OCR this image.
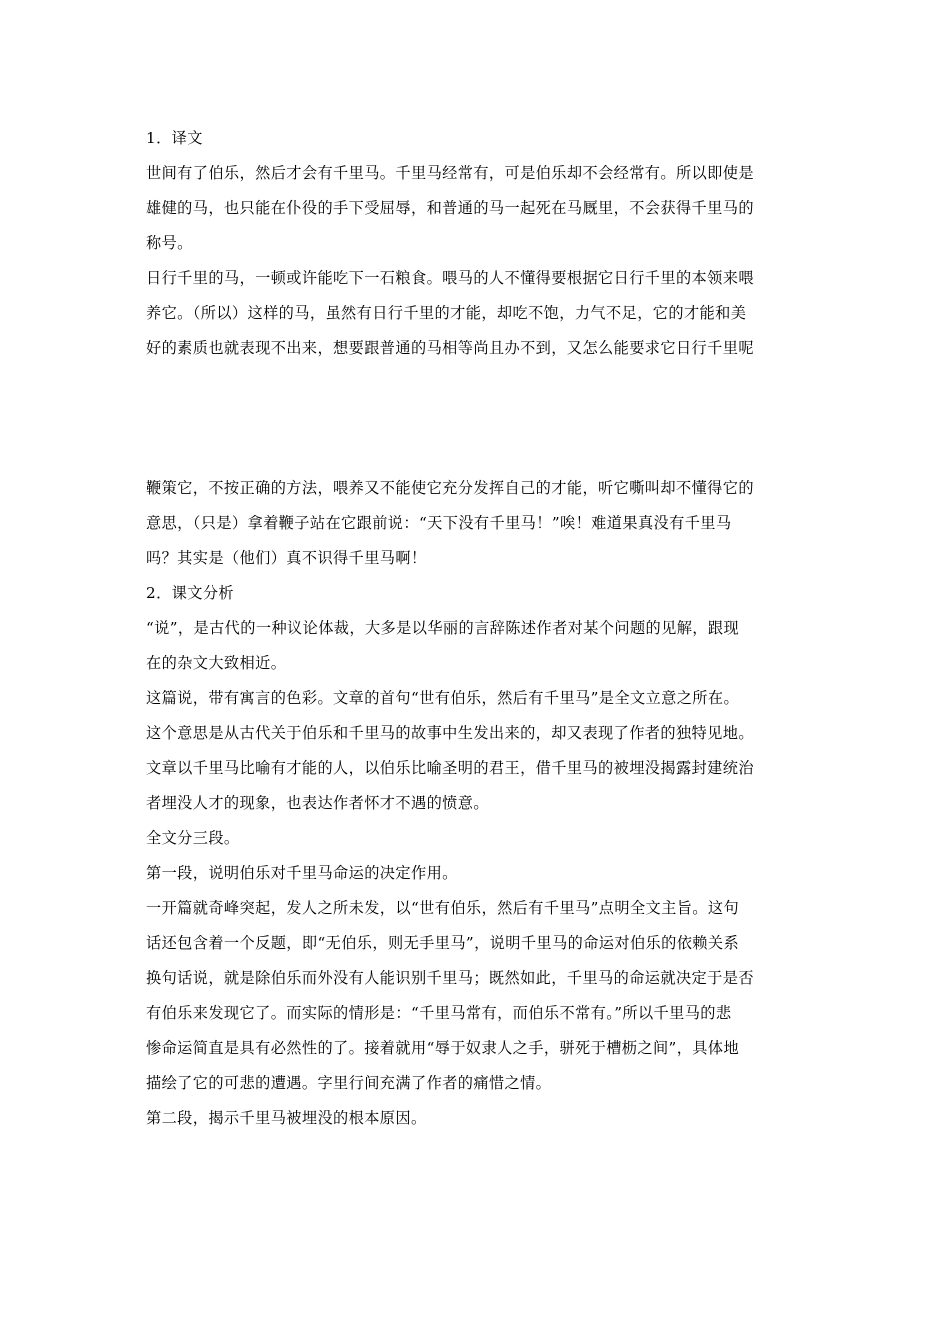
1．译文
世间有了伯乐，然后才会有千里马。千里马经常有，可是伯乐却不会经常有。所以即使是
雄健的马，也只能在仆役的手下受屈辱，和普通的马一起死在马厩里，不会获得千里马的
称号。
日行千里的马，一顿或许能吃下一石粮食。喂马的人不懂得要根据它日行千里的本领来喂
养它。（所以）这样的马，虽然有日行千里的才能，却吃不饱，力气不足，它的才能和美
好的素质也就表现不出来，想要跟普通的马相等尚且办不到，又怎么能要求它日行千里呢
鞭策它，不按正确的方法，喂养又不能使它充分发挥自己的才能，听它嘶叫却不懂得它的
意思，（只是）拿着鞭子站在它跟前说：“天下没有千里马！”唉！难道果真没有千里马
吗？其实是（他们）真不识得千里马啊！
2．课文分析
“说”，是古代的一种议论体裁，大多是以华丽的言辞陈述作者对某个问题的见解，跟现
在的杂文大致相近。
这篇说，带有寓言的色彩。文章的首句“世有伯乐，然后有千里马”是全文立意之所在。
这个意思是从古代关于伯乐和千里马的故事中生发出来的，却又表现了作者的独特见地。
文章以千里马比喻有才能的人，以伯乐比喻圣明的君王，借千里马的被埋没揭露封建统治
者埋没人才的现象，也表达作者怀才不遇的愤意。
全文分三段。
第一段，说明伯乐对千里马命运的决定作用。
一开篇就奇峰突起，发人之所未发，以“世有伯乐，然后有千里马”点明全文主旨。这句
话还包含着一个反题，即“无伯乐，则无手里马”，说明千里马的命运对伯乐的依赖关系
换句话说，就是除伯乐而外没有人能识别千里马；既然如此，千里马的命运就决定于是否
有伯乐来发现它了。而实际的情形是：“千里马常有，而伯乐不常有。”所以千里马的悲
惨命运简直是具有必然性的了。接着就用“辱于奴隶人之手，骈死于槽枥之间”，具体地
描绘了它的可悲的遭遇。字里行间充满了作者的痛惜之情。
第二段，揭示千里马被埋没的根本原因。
